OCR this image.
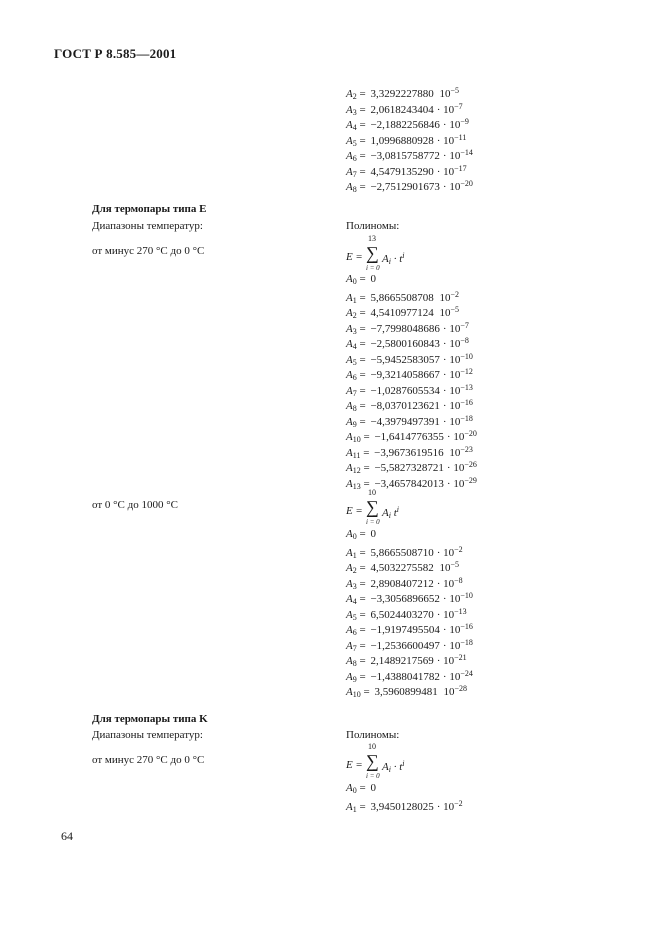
ГОСТ Р 8.585—2001
$A_2 = 3,3292227880$ $10^{-5}$
$A_3 = 2,0618243404 \cdot 10^{-7}$
$A_4 = -2,1882256846 \cdot 10^{-9}$
$A_5 = 1,0996880928 \cdot 10^{-11}$
$A_6 = -3,0815758772 \cdot 10^{-14}$
$A_7 = 4,5479135290 \cdot 10^{-17}$
$A_8 = -2,7512901673 \cdot 10^{-20}$
Для термопары типа E
Диапазоны температур:	Полиномы:
от минус 270 °С до 0 °С	E = ∑
13
i = 0
$A_i \cdot t^i$
$A_0 = 0$
$A_1 = 5,8665508708$ $10^{-2}$
$A_2 = 4,5410977124$ $10^{-5}$
$A_3 = -7,7998048686 \cdot 10^{-7}$
$A_4 = -2,5800160843 \cdot 10^{-8}$
$A_5 = -5,9452583057 \cdot 10^{-10}$
$A_6 = -9,3214058667 \cdot 10^{-12}$
$A_7 = -1,0287605534 \cdot 10^{-13}$
$A_8 = -8,0370123621 \cdot 10^{-16}$
$A_9 = -4,3979497391 \cdot 10^{-18}$
$A_{10} = -1,6414776355 \cdot 10^{-20}$
$A_{11} = -3,9673619516$ $10^{-23}$
$A_{12} = -5,5827328721 \cdot 10^{-26}$
$A_{13} = -3,4657842013 \cdot 10^{-29}$
от 0 °С до 1000 °С	E = ∑
10
i = 0
$A_i$ $t^i$
$A_0 = 0$
$A_1 = 5,8665508710 \cdot 10^{-2}$
$A_2 = 4,5032275582$ $10^{-5}$
$A_3 = 2,8908407212 \cdot 10^{-8}$
$A_4 = -3,3056896652 \cdot 10^{-10}$
$A_5 = 6,5024403270 \cdot 10^{-13}$
$A_6 = -1,9197495504 \cdot 10^{-16}$
$A_7 = -1,2536600497 \cdot 10^{-18}$
$A_8 = 2,1489217569 \cdot 10^{-21}$
$A_9 = -1,4388041782 \cdot 10^{-24}$
$A_{10} = 3,5960899481$ $10^{-28}$
Для термопары типа K
Диапазоны температур:	Полиномы:
от минус 270 °С до 0 °С	E = ∑
10
i = 0
$A_i \cdot t^i$
$A_0 = 0$
$A_1 = 3,9450128025 \cdot 10^{-2}$
64
